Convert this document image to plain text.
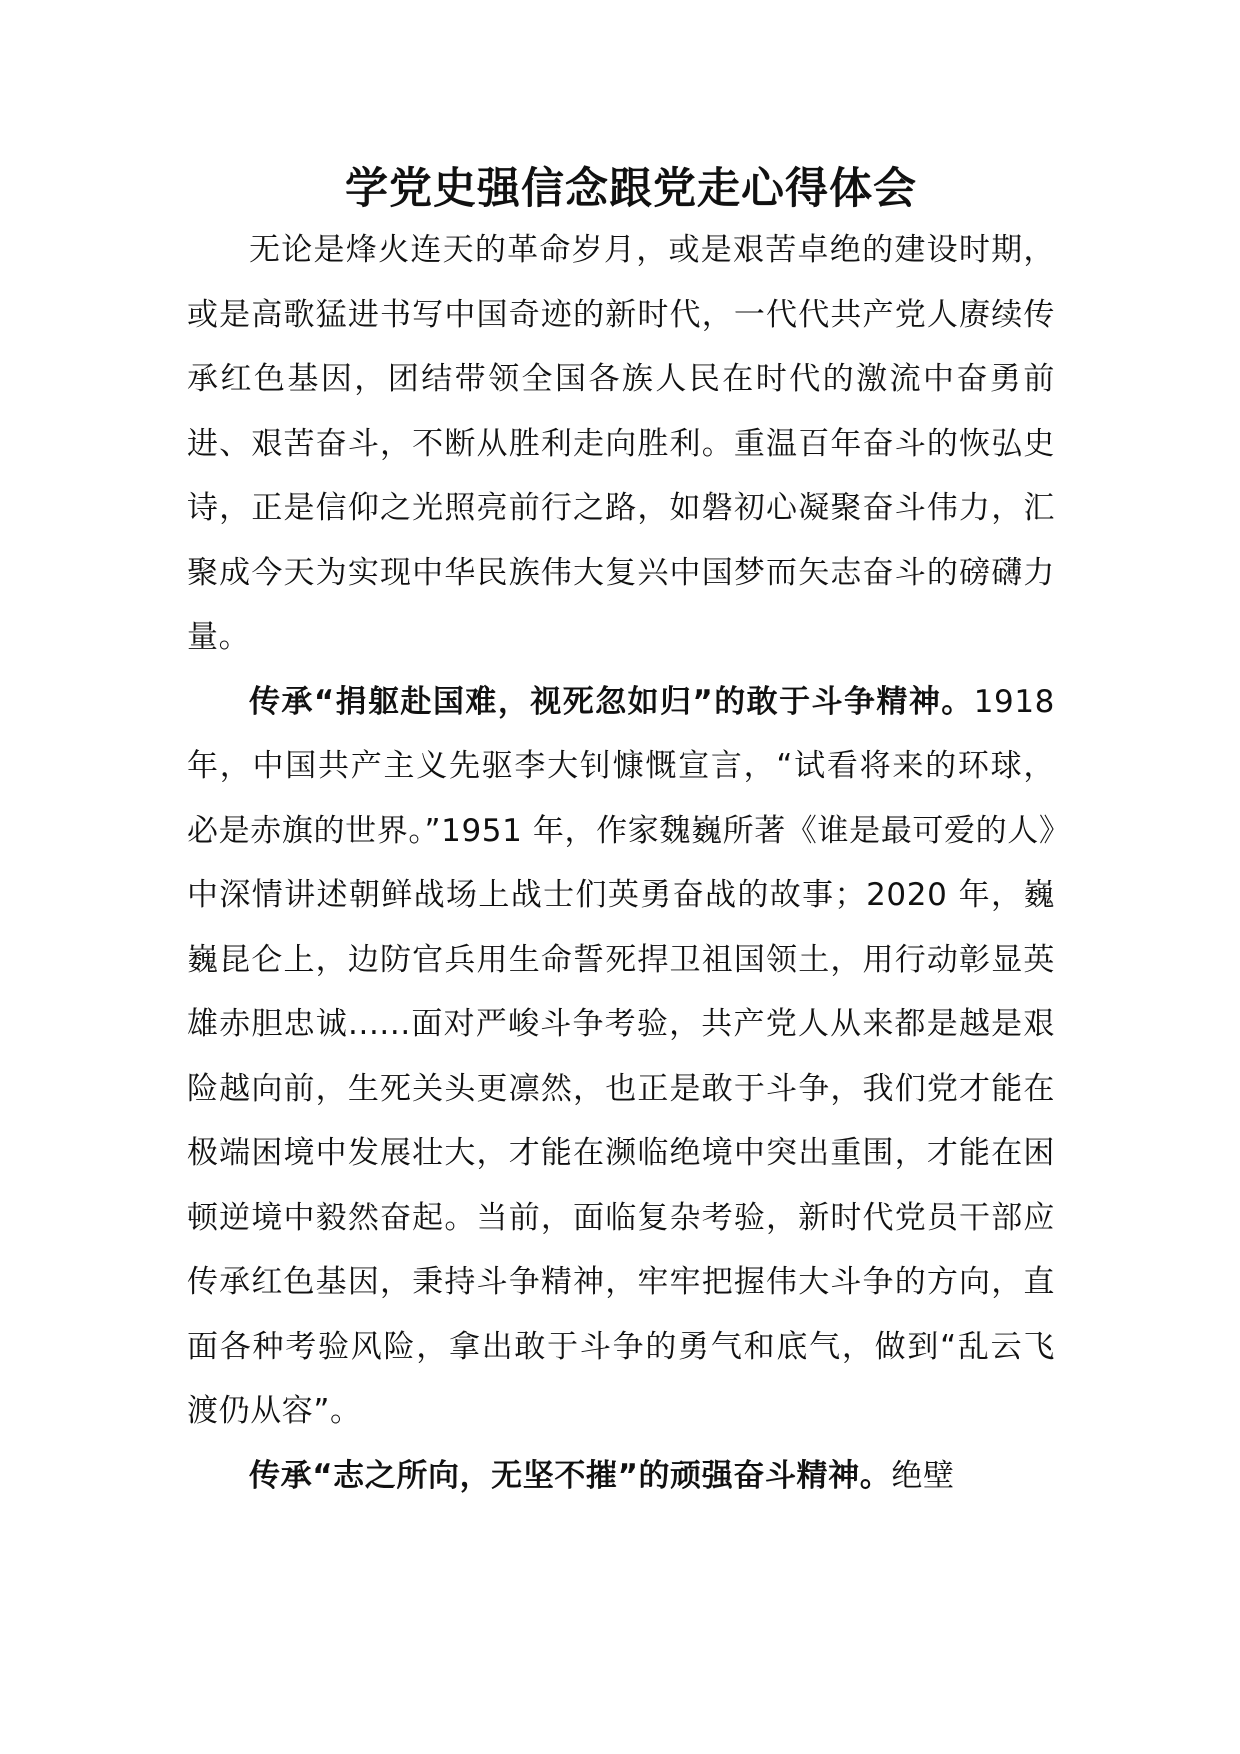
学党史强信念跟党走心得体会

无论是烽火连天的革命岁月，或是艰苦卓绝的建设时期，或是高歌猛进书写中国奇迹的新时代，一代代共产党人赓续传承红色基因，团结带领全国各族人民在时代的激流中奋勇前进、艰苦奋斗，不断从胜利走向胜利。重温百年奋斗的恢弘史诗，正是信仰之光照亮前行之路，如磐初心凝聚奋斗伟力，汇聚成今天为实现中华民族伟大复兴中国梦而矢志奋斗的磅礴力量。

传承“捐躯赴国难，视死忽如归”的敢于斗争精神。1918 年，中国共产主义先驱李大钊慷慨宣言，“试看将来的环球，必是赤旗的世界。”1951 年，作家魏巍所著《谁是最可爱的人》中深情讲述朝鲜战场上战士们英勇奋战的故事；2020 年，巍巍昆仑上，边防官兵用生命誓死捍卫祖国领土，用行动彰显英雄赤胆忠诚......面对严峻斗争考验，共产党人从来都是越是艰险越向前，生死关头更凛然，也正是敢于斗争，我们党才能在极端困境中发展壮大，才能在濒临绝境中突出重围，才能在困顿逆境中毅然奋起。当前，面临复杂考验，新时代党员干部应传承红色基因，秉持斗争精神，牢牢把握伟大斗争的方向，直面各种考验风险，拿出敢于斗争的勇气和底气，做到“乱云飞渡仍从容”。

传承“志之所向，无坚不摧”的顽强奋斗精神。绝壁
